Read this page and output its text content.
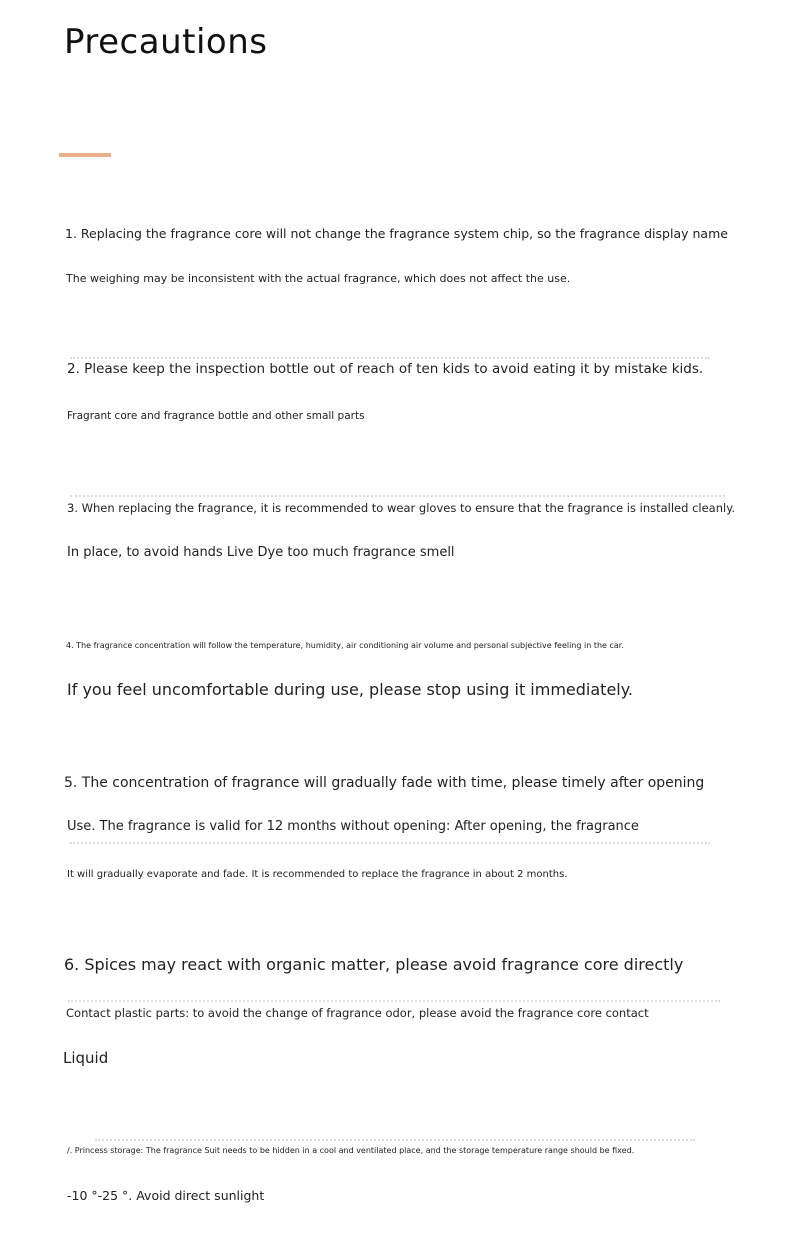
Precautions
1. Replacing the fragrance core will not change the fragrance system chip, so the fragrance display name
The weighing may be inconsistent with the actual fragrance, which does not affect the use.
2. Please keep the inspection bottle out of reach of ten kids to avoid eating it by mistake kids.
Fragrant core and fragrance bottle and other small parts
3. When replacing the fragrance, it is recommended to wear gloves to ensure that the fragrance is installed cleanly.
In place, to avoid hands Live Dye too much fragrance smell
4. The fragrance concentration will follow the temperature, humidity, air conditioning air volume and personal subjective feeling in the car.
If you feel uncomfortable during use, please stop using it immediately.
5. The concentration of fragrance will gradually fade with time, please timely after opening
Use. The fragrance is valid for 12 months without opening: After opening, the fragrance
It will gradually evaporate and fade. It is recommended to replace the fragrance in about 2 months.
6. Spices may react with organic matter, please avoid fragrance core directly
Contact plastic parts: to avoid the change of fragrance odor, please avoid the fragrance core contact
Liquid
/. Princess storage: The fragrance Suit needs to be hidden in a cool and ventilated place, and the storage temperature range should be fixed.
-10 °-25 °. Avoid direct sunlight
